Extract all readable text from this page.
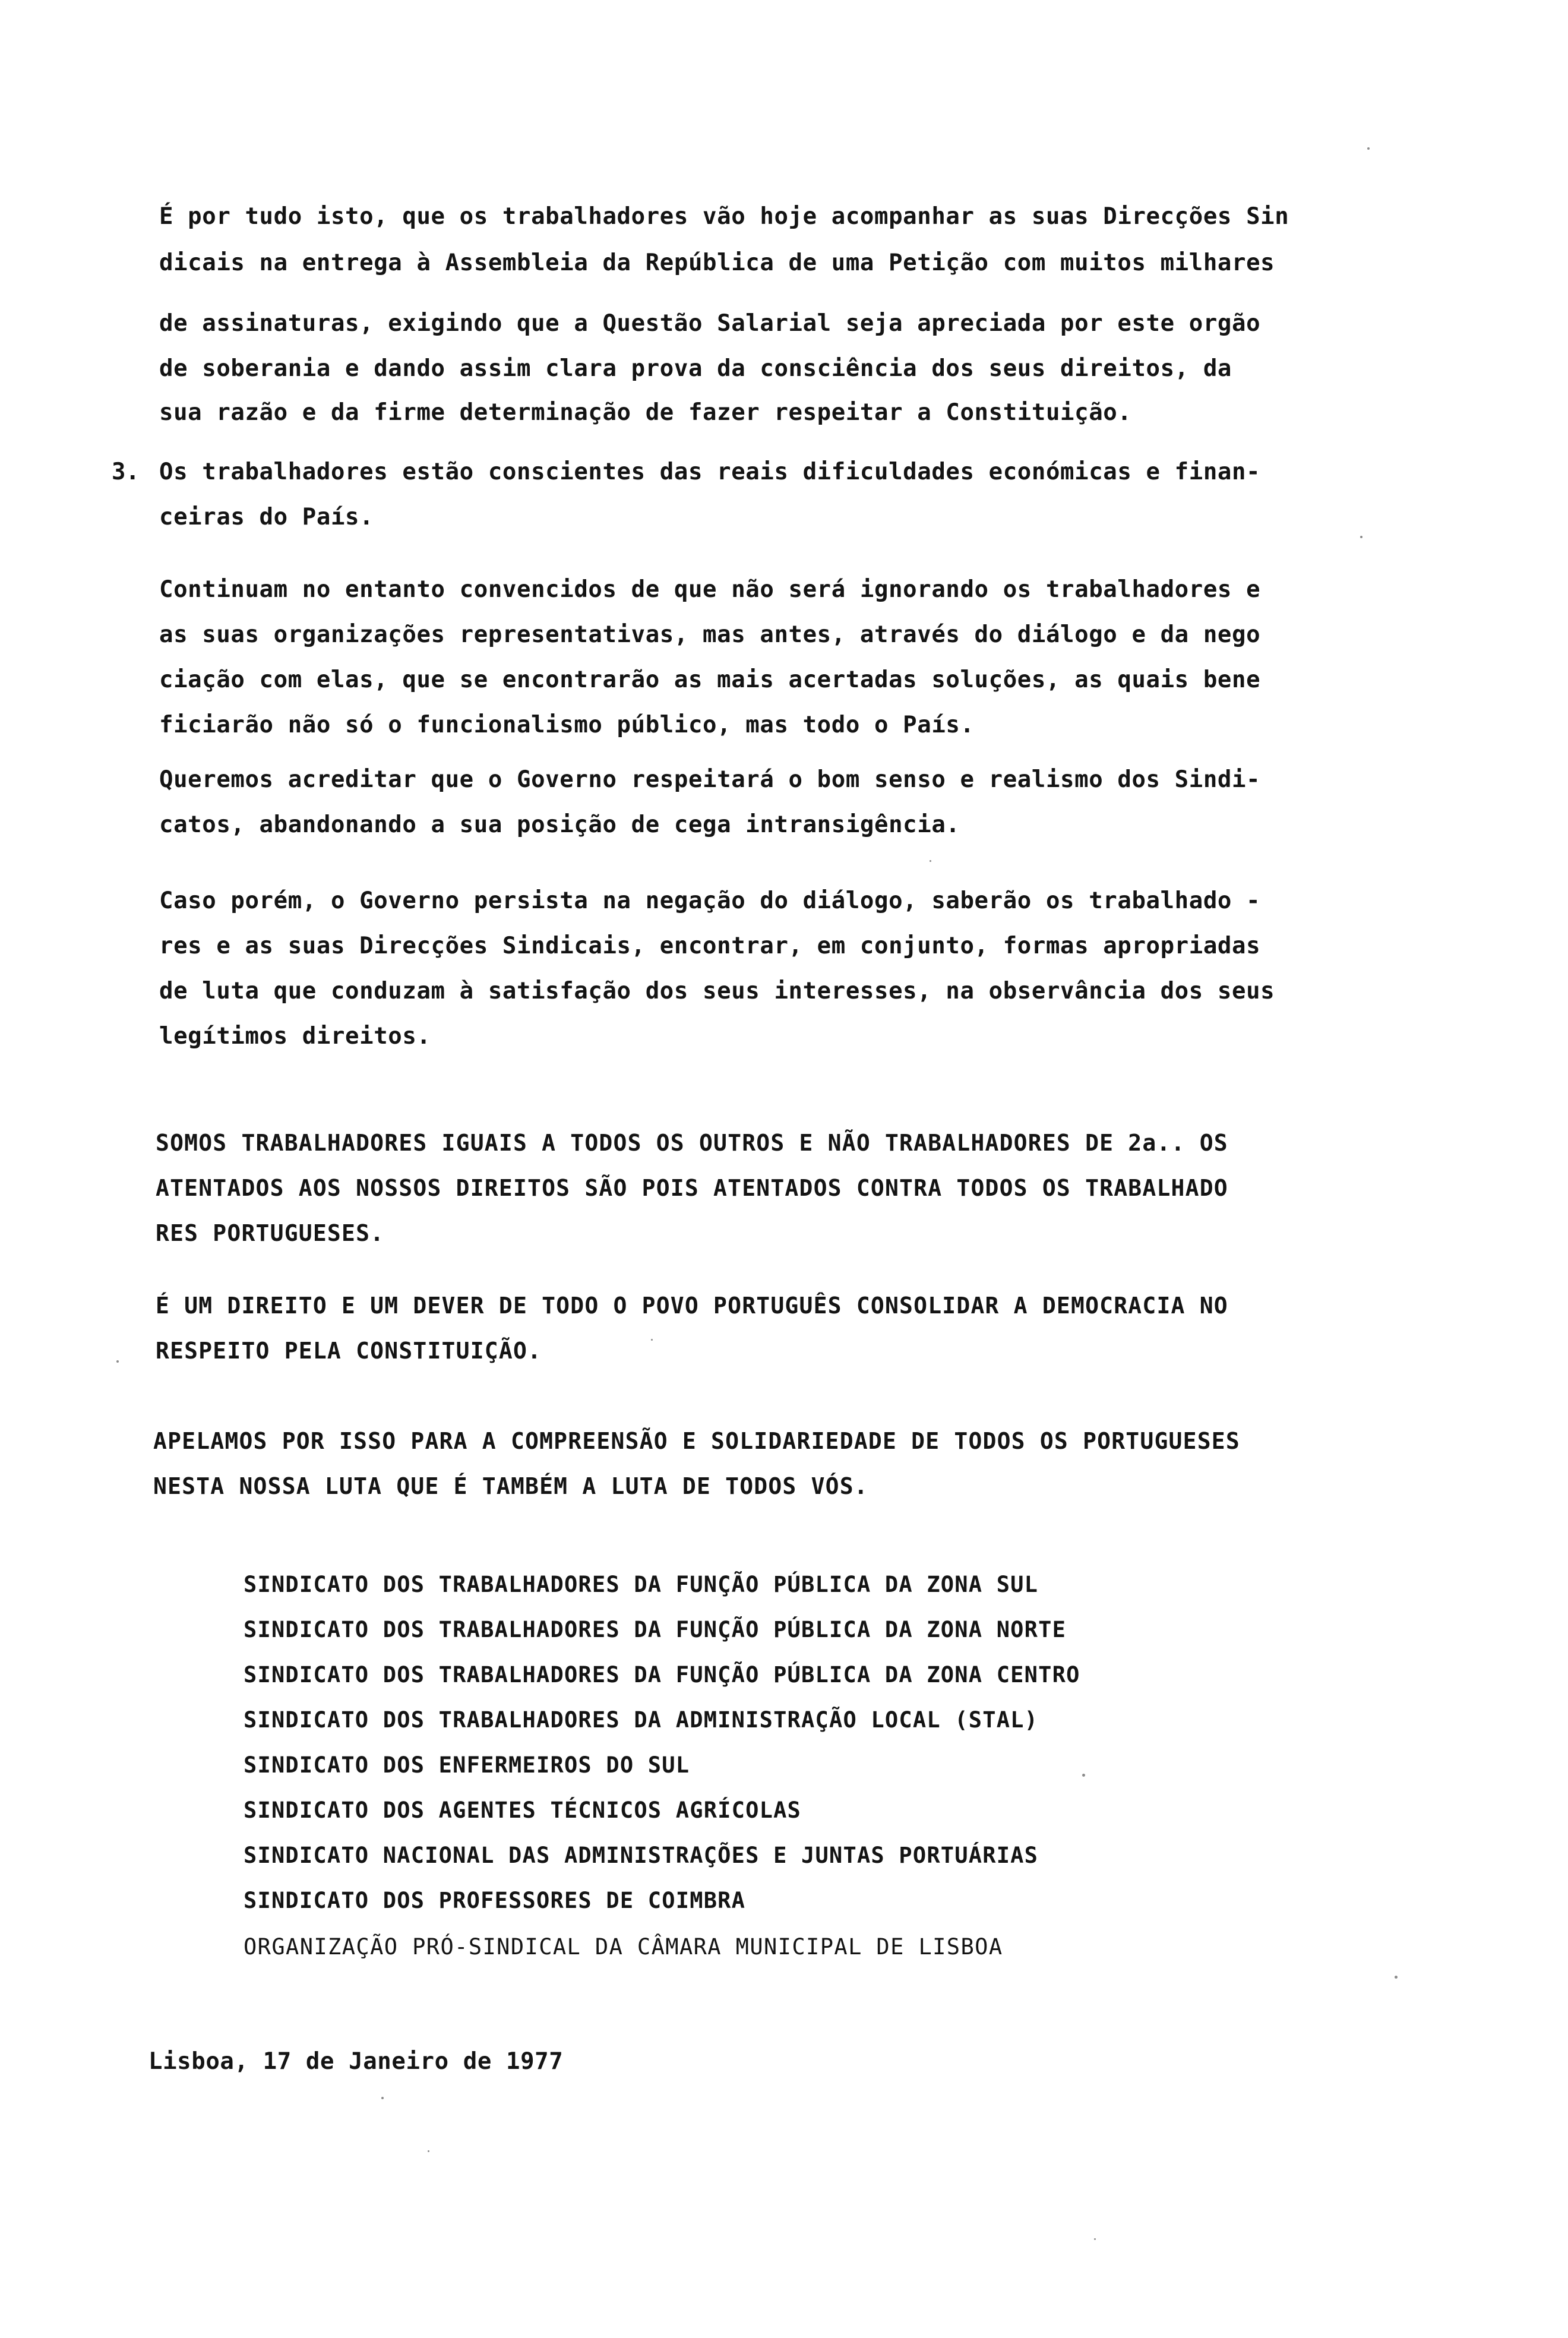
É por tudo isto, que os trabalhadores vão hoje acompanhar as suas Direcções Sin
dicais na entrega à Assembleia da República de uma Petição com muitos milhares
de assinaturas, exigindo que a Questão Salarial seja apreciada por este orgão
de soberania e dando assim clara prova da consciência dos seus direitos, da
sua razão e da firme determinação de fazer respeitar a Constituição.
3. Os trabalhadores estão conscientes das reais dificuldades económicas e finan-
ceiras do País.
Continuam no entanto convencidos de que não será ignorando os trabalhadores e
as suas organizações representativas, mas antes, através do diálogo e da nego
ciação com elas, que se encontrarão as mais acertadas soluções, as quais bene
ficiarão não só o funcionalismo público, mas todo o País.
Queremos acreditar que o Governo respeitará o bom senso e realismo dos Sindi-
catos, abandonando a sua posição de cega intransigência.
Caso porém, o Governo persista na negação do diálogo, saberão os trabalhado -
res e as suas Direcções Sindicais, encontrar, em conjunto, formas apropriadas
de luta que conduzam à satisfação dos seus interesses, na observância dos seus
legítimos direitos.
SOMOS TRABALHADORES IGUAIS A TODOS OS OUTROS E NÃO TRABALHADORES DE 2a.. OS
ATENTADOS AOS NOSSOS DIREITOS SÃO POIS ATENTADOS CONTRA TODOS OS TRABALHADO
RES PORTUGUESES.
É UM DIREITO E UM DEVER DE TODO O POVO PORTUGUÊS CONSOLIDAR A DEMOCRACIA NO
RESPEITO PELA CONSTITUIÇÃO.
APELAMOS POR ISSO PARA A COMPREENSÃO E SOLIDARIEDADE DE TODOS OS PORTUGUESES
NESTA NOSSA LUTA QUE É TAMBÉM A LUTA DE TODOS VÓS.
SINDICATO DOS TRABALHADORES DA FUNÇÃO PÚBLICA DA ZONA SUL
SINDICATO DOS TRABALHADORES DA FUNÇÃO PÚBLICA DA ZONA NORTE
SINDICATO DOS TRABALHADORES DA FUNÇÃO PÚBLICA DA ZONA CENTRO
SINDICATO DOS TRABALHADORES DA ADMINISTRAÇÃO LOCAL (STAL)
SINDICATO DOS ENFERMEIROS DO SUL
SINDICATO DOS AGENTES TÉCNICOS AGRÍCOLAS
SINDICATO NACIONAL DAS ADMINISTRAÇÕES E JUNTAS PORTUÁRIAS
SINDICATO DOS PROFESSORES DE COIMBRA
ORGANIZAÇÃO PRÓ-SINDICAL DA CÂMARA MUNICIPAL DE LISBOA
Lisboa, 17 de Janeiro de 1977
